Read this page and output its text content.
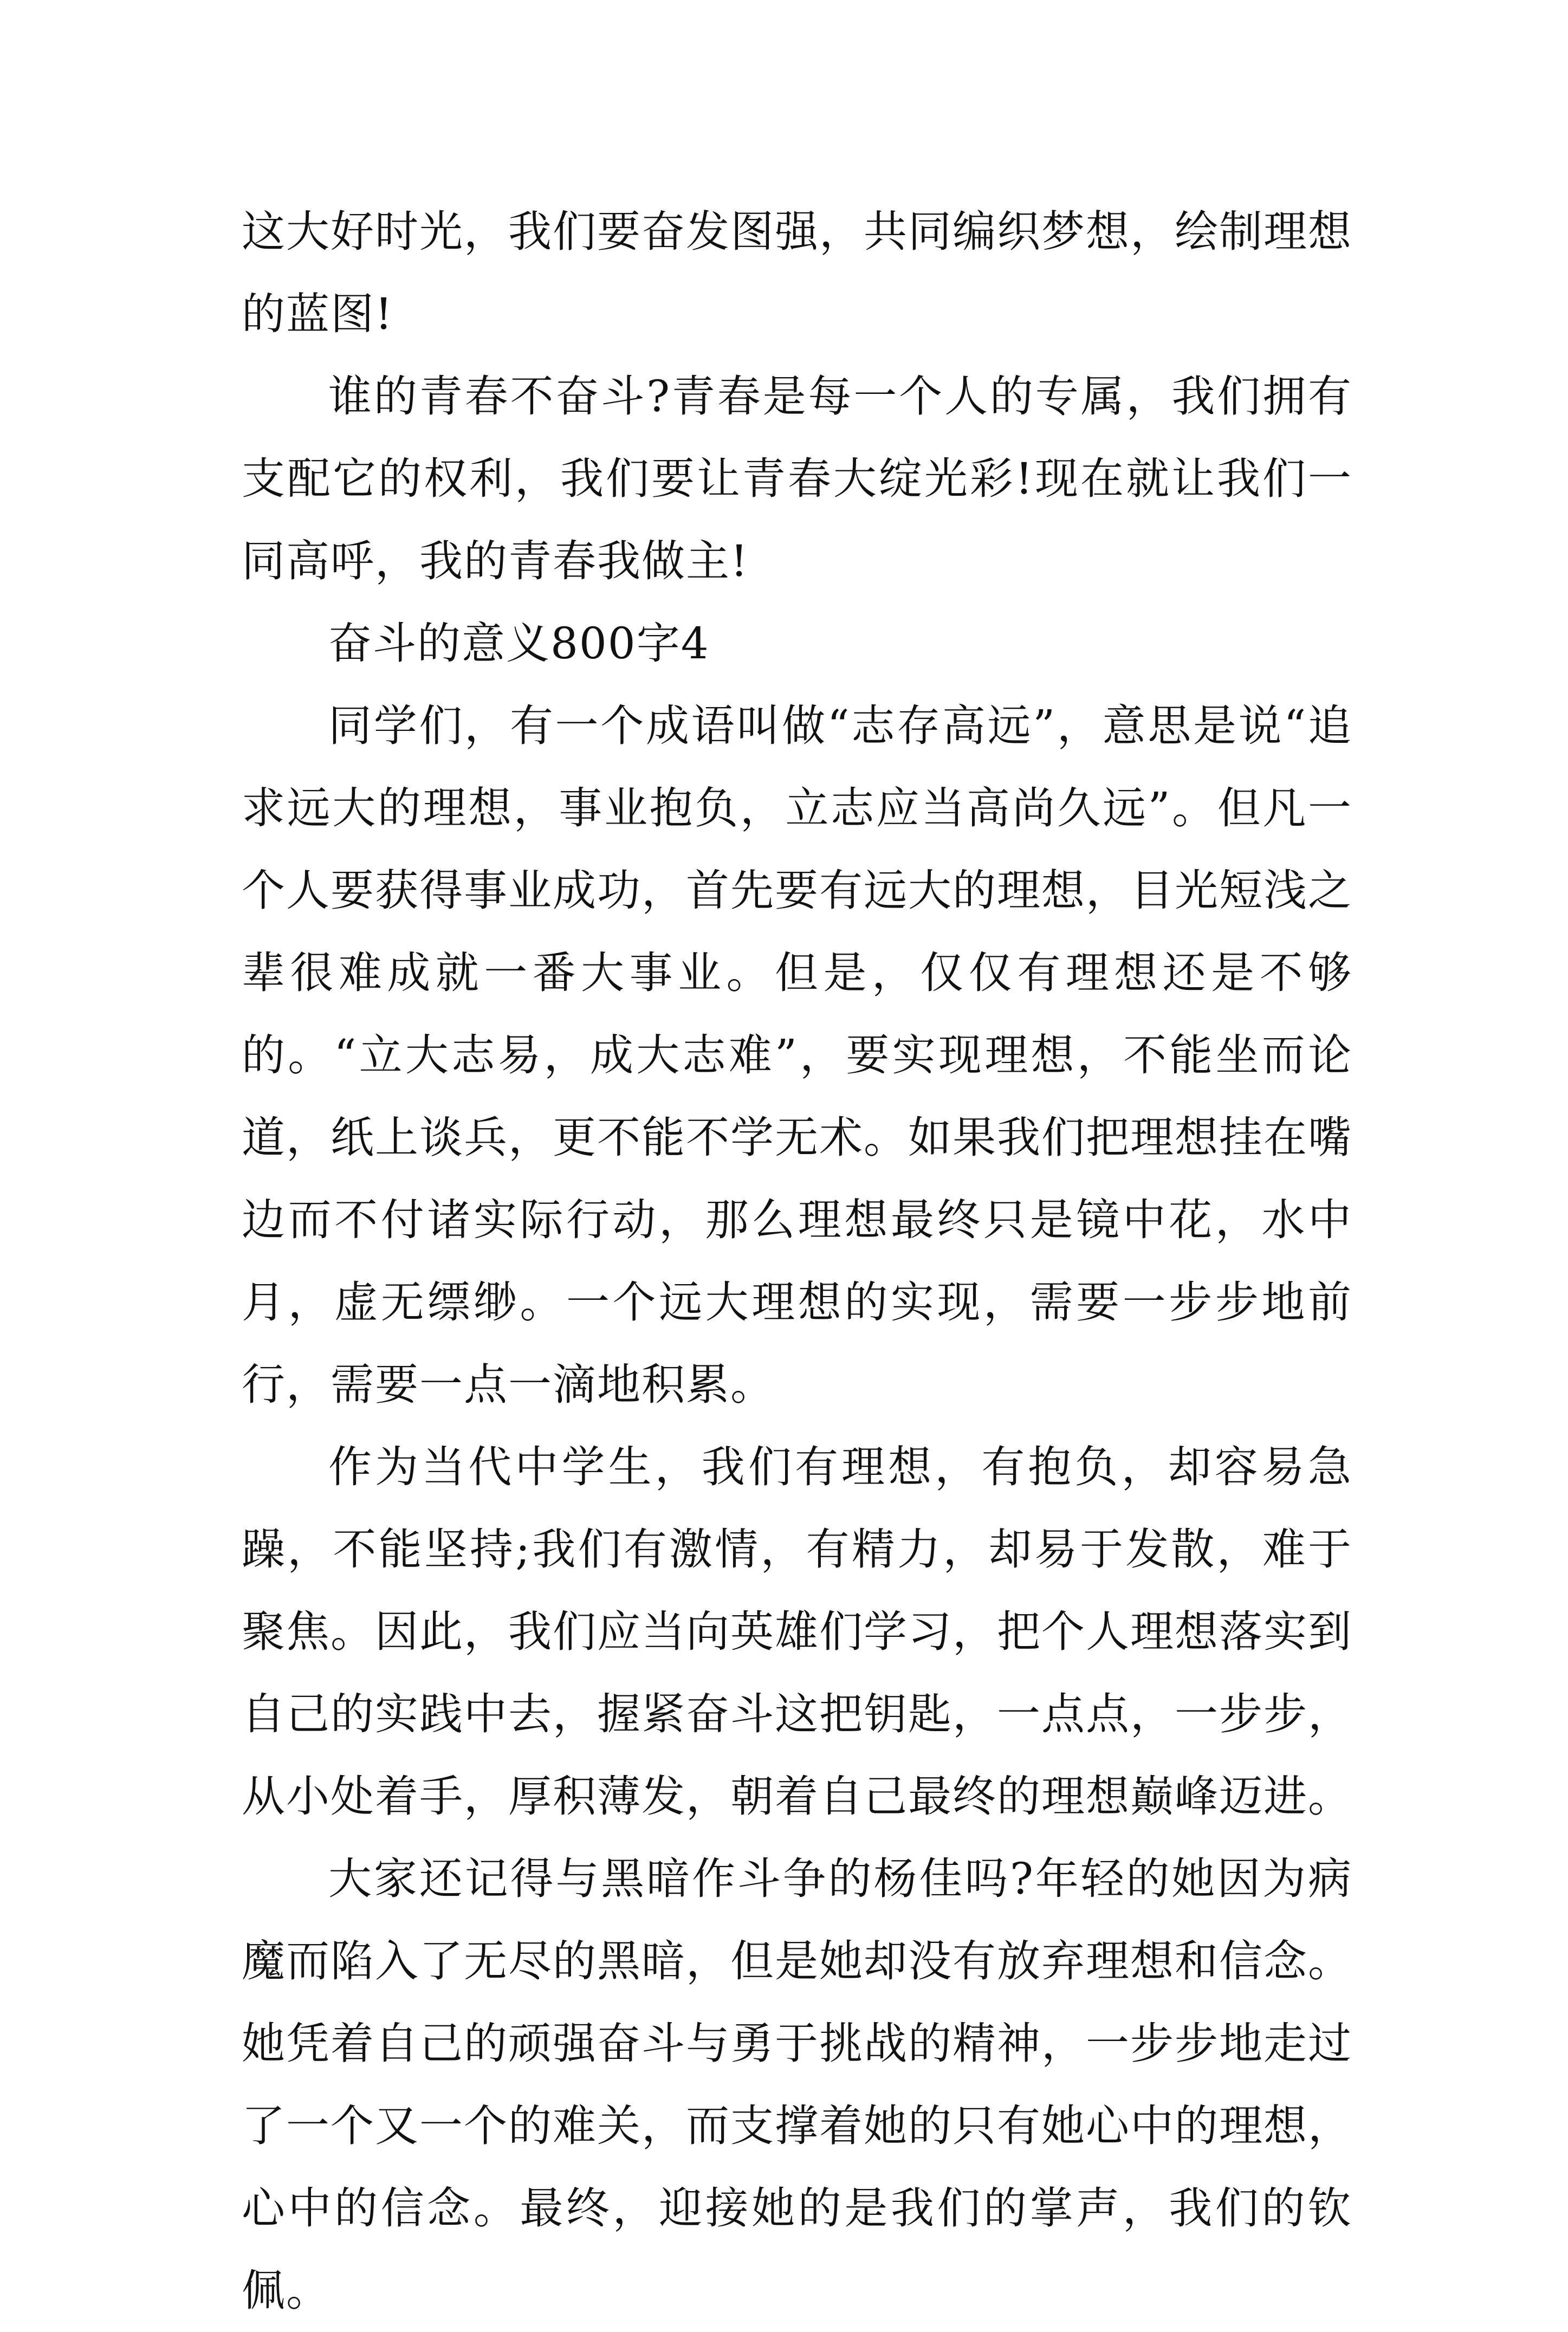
这大好时光，我们要奋发图强，共同编织梦想，绘制理想的蓝图!

谁的青春不奋斗?青春是每一个人的专属，我们拥有支配它的权利，我们要让青春大绽光彩!现在就让我们一同高呼，我的青春我做主!

奋斗的意义800字4

同学们，有一个成语叫做“志存高远”，意思是说“追求远大的理想，事业抱负，立志应当高尚久远”。但凡一个人要获得事业成功，首先要有远大的理想，目光短浅之辈很难成就一番大事业。但是，仅仅有理想还是不够的。“立大志易，成大志难”，要实现理想，不能坐而论道，纸上谈兵，更不能不学无术。如果我们把理想挂在嘴边而不付诸实际行动，那么理想最终只是镜中花，水中月，虚无缥缈。一个远大理想的实现，需要一步步地前行，需要一点一滴地积累。

作为当代中学生，我们有理想，有抱负，却容易急躁，不能坚持;我们有激情，有精力，却易于发散，难于聚焦。因此，我们应当向英雄们学习，把个人理想落实到自己的实践中去，握紧奋斗这把钥匙，一点点，一步步，从小处着手，厚积薄发，朝着自己最终的理想巅峰迈进。

大家还记得与黑暗作斗争的杨佳吗?年轻的她因为病魔而陷入了无尽的黑暗，但是她却没有放弃理想和信念。她凭着自己的顽强奋斗与勇于挑战的精神，一步步地走过了一个又一个的难关，而支撑着她的只有她心中的理想，心中的信念。最终，迎接她的是我们的掌声，我们的钦佩。
